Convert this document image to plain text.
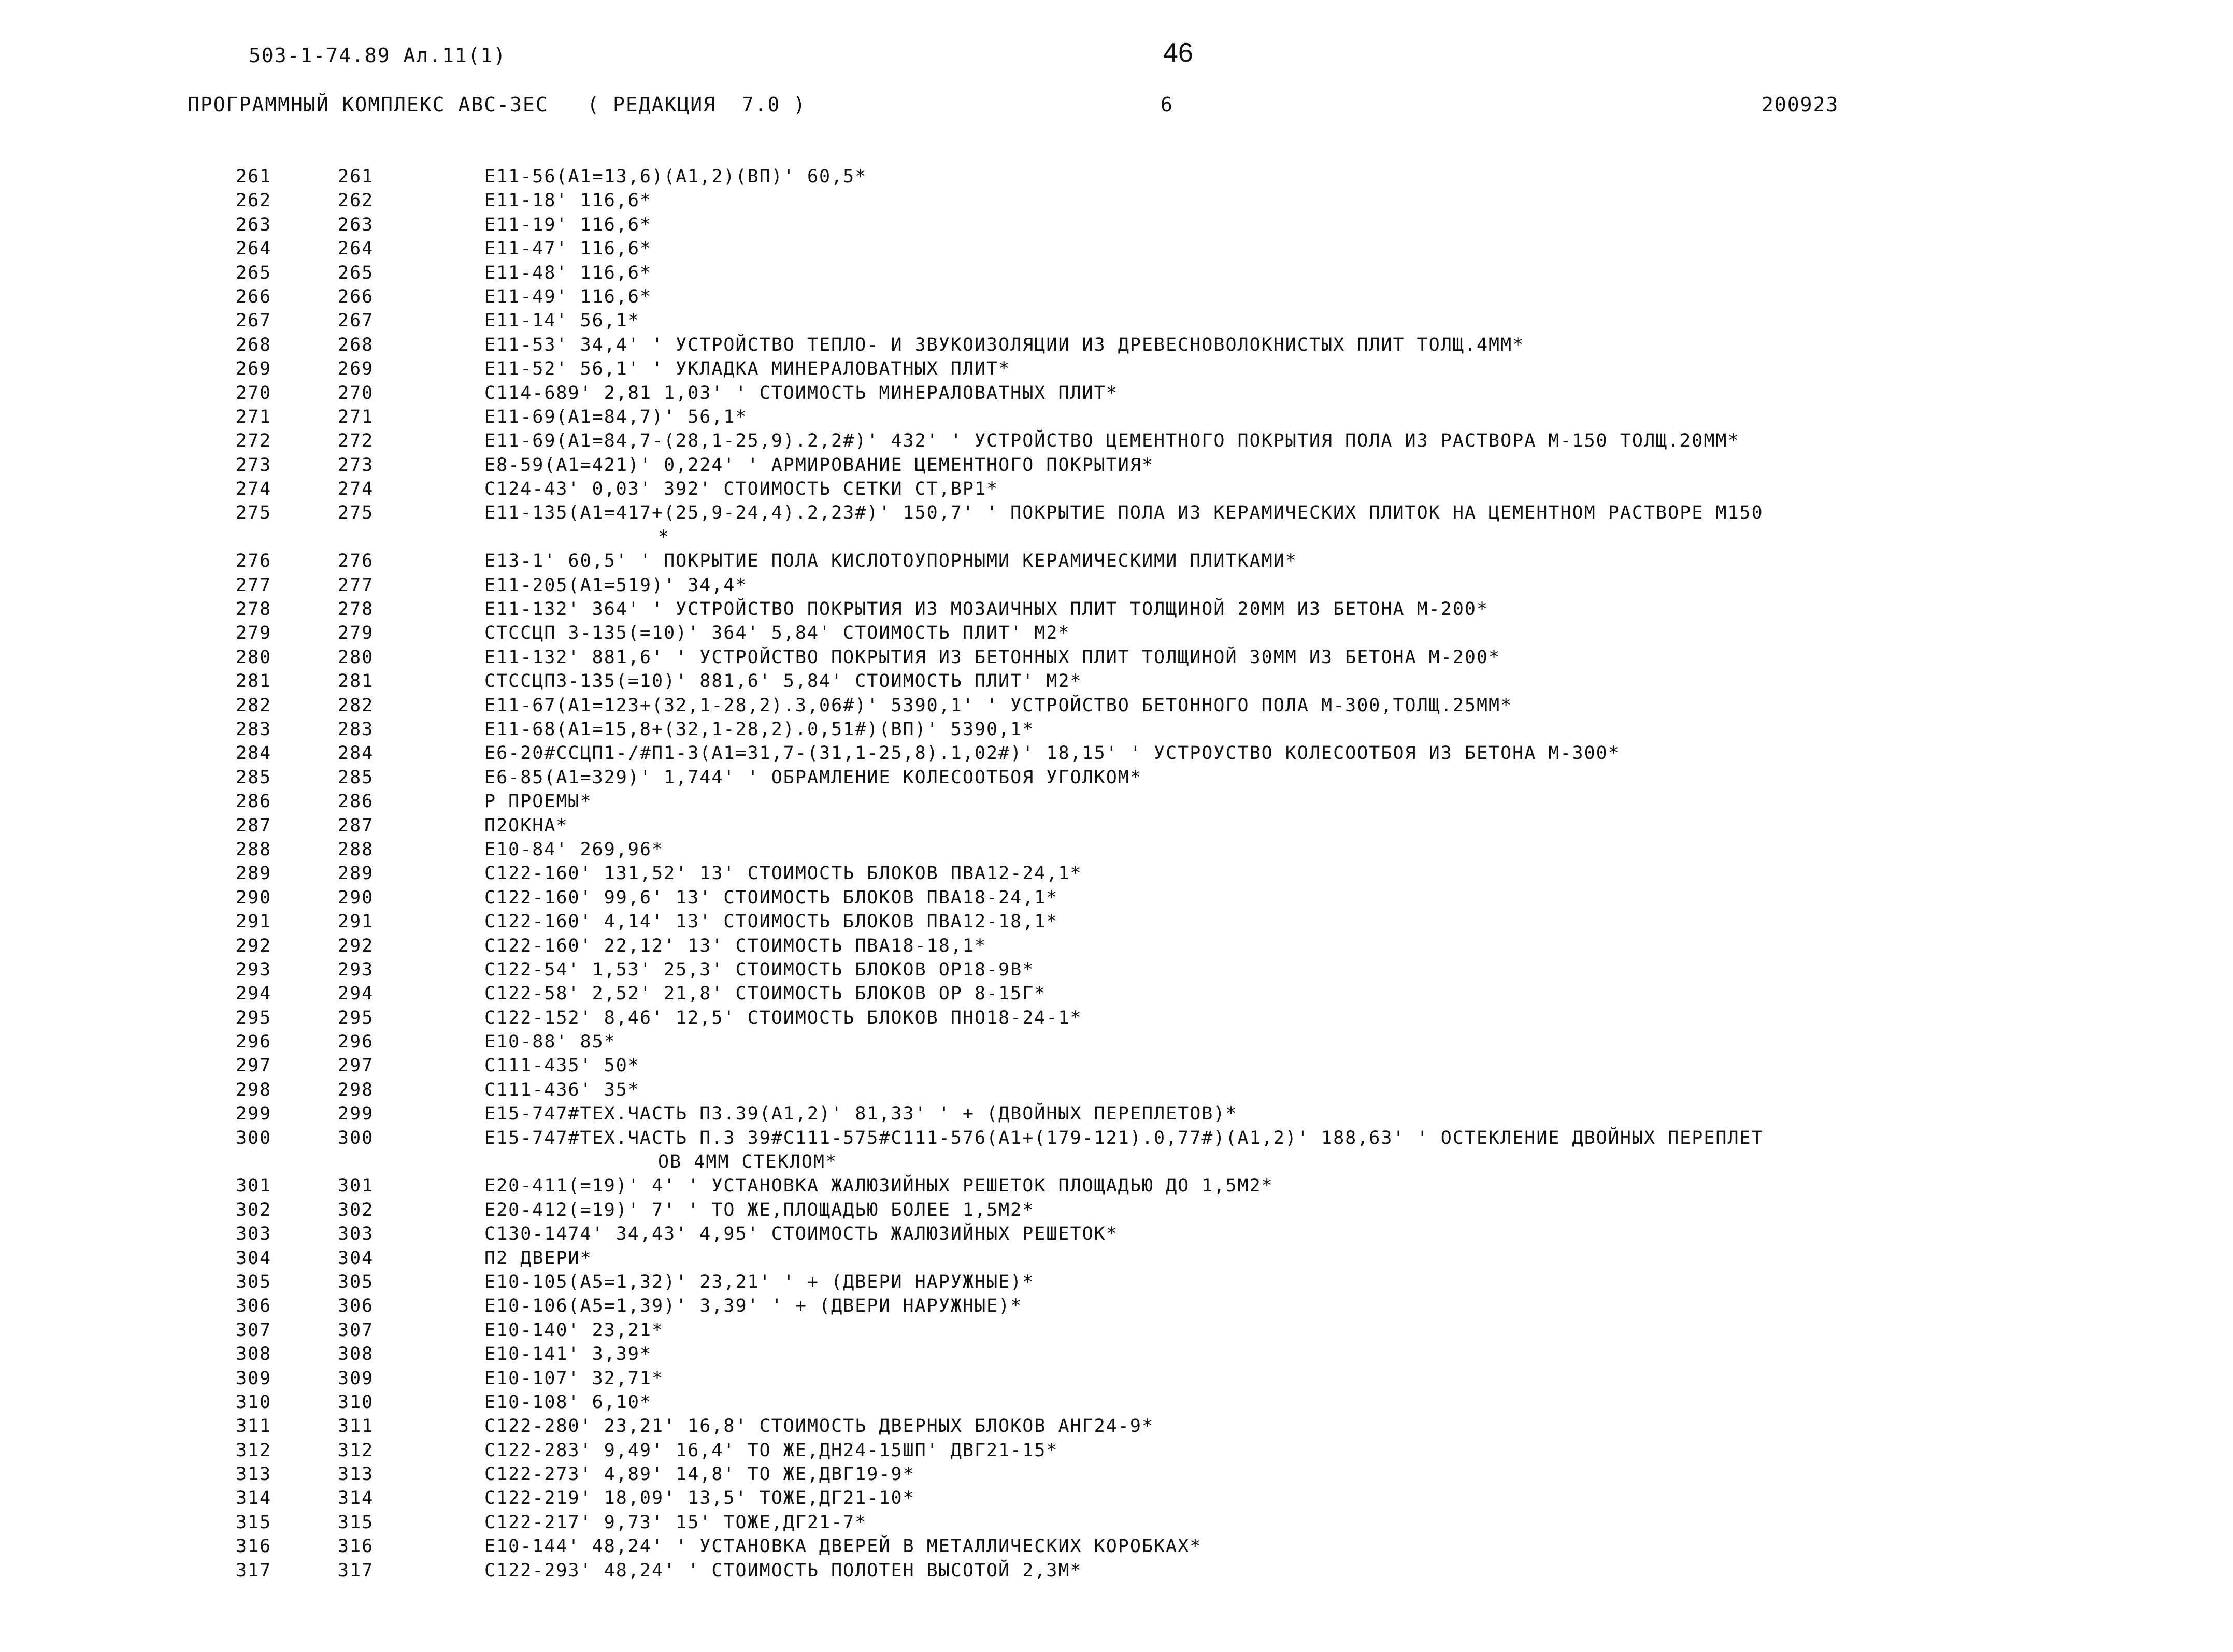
503-1-74.89 Ал.11(1)	46
ПРОГРАММНЫЙ КОМПЛЕКС АВС-3ЕС   ( РЕДАКЦИЯ  7.0 )	6	200923
261	261	Е11-56(А1=13,6)(А1,2)(ВП)' 60,5*
262	262	Е11-18' 116,6*
263	263	Е11-19' 116,6*
264	264	Е11-47' 116,6*
265	265	Е11-48' 116,6*
266	266	Е11-49' 116,6*
267	267	Е11-14' 56,1*
268	268	Е11-53' 34,4' ' УСТРОЙСТВО ТЕПЛО- И ЗВУКОИЗОЛЯЦИИ ИЗ ДРЕВЕСНОВОЛОКНИСТЫХ ПЛИТ ТОЛЩ.4ММ*
269	269	Е11-52' 56,1' ' УКЛАДКА МИНЕРАЛОВАТНЫХ ПЛИТ*
270	270	С114-689' 2,81 1,03' ' СТОИМОСТЬ МИНЕРАЛОВАТНЫХ ПЛИТ*
271	271	Е11-69(А1=84,7)' 56,1*
272	272	Е11-69(А1=84,7-(28,1-25,9).2,2#)' 432' ' УСТРОЙСТВО ЦЕМЕНТНОГО ПОКРЫТИЯ ПОЛА ИЗ РАСТВОРА М-150 ТОЛЩ.20ММ*
273	273	Е8-59(А1=421)' 0,224' ' АРМИРОВАНИЕ ЦЕМЕНТНОГО ПОКРЫТИЯ*
274	274	С124-43' 0,03' 392' СТОИМОСТЬ СЕТКИ СТ,ВР1*
275	275	Е11-135(А1=417+(25,9-24,4).2,23#)' 150,7' ' ПОКРЫТИЕ ПОЛА ИЗ КЕРАМИЧЕСКИХ ПЛИТОК НА ЦЕМЕНТНОМ РАСТВОРЕ М150
*
276	276	Е13-1' 60,5' ' ПОКРЫТИЕ ПОЛА КИСЛОТОУПОРНЫМИ КЕРАМИЧЕСКИМИ ПЛИТКАМИ*
277	277	Е11-205(А1=519)' 34,4*
278	278	Е11-132' 364' ' УСТРОЙСТВО ПОКРЫТИЯ ИЗ МОЗАИЧНЫХ ПЛИТ ТОЛЩИНОЙ 20ММ ИЗ БЕТОНА М-200*
279	279	СТССЦП 3-135(=10)' 364' 5,84' СТОИМОСТЬ ПЛИТ' М2*
280	280	Е11-132' 881,6' ' УСТРОЙСТВО ПОКРЫТИЯ ИЗ БЕТОННЫХ ПЛИТ ТОЛЩИНОЙ 30ММ ИЗ БЕТОНА М-200*
281	281	СТССЦП3-135(=10)' 881,6' 5,84' СТОИМОСТЬ ПЛИТ' М2*
282	282	Е11-67(А1=123+(32,1-28,2).3,06#)' 5390,1' ' УСТРОЙСТВО БЕТОННОГО ПОЛА М-300,ТОЛЩ.25ММ*
283	283	Е11-68(А1=15,8+(32,1-28,2).0,51#)(ВП)' 5390,1*
284	284	Е6-20#ССЦП1-/#П1-3(А1=31,7-(31,1-25,8).1,02#)' 18,15' ' УСТРОУСТВО КОЛЕСООТБОЯ ИЗ БЕТОНА М-300*
285	285	Е6-85(А1=329)' 1,744' ' ОБРАМЛЕНИЕ КОЛЕСООТБОЯ УГОЛКОМ*
286	286	Р ПРОЕМЫ*
287	287	П2ОКНА*
288	288	Е10-84' 269,96*
289	289	С122-160' 131,52' 13' СТОИМОСТЬ БЛОКОВ ПВА12-24,1*
290	290	С122-160' 99,6' 13' СТОИМОСТЬ БЛОКОВ ПВА18-24,1*
291	291	С122-160' 4,14' 13' СТОИМОСТЬ БЛОКОВ ПВА12-18,1*
292	292	С122-160' 22,12' 13' СТОИМОСТЬ ПВА18-18,1*
293	293	С122-54' 1,53' 25,3' СТОИМОСТЬ БЛОКОВ ОР18-9В*
294	294	С122-58' 2,52' 21,8' СТОИМОСТЬ БЛОКОВ ОР 8-15Г*
295	295	С122-152' 8,46' 12,5' СТОИМОСТЬ БЛОКОВ ПНО18-24-1*
296	296	Е10-88' 85*
297	297	С111-435' 50*
298	298	С111-436' 35*
299	299	Е15-747#ТЕХ.ЧАСТЬ П3.39(А1,2)' 81,33' ' + (ДВОЙНЫХ ПЕРЕПЛЕТОВ)*
300	300	Е15-747#ТЕХ.ЧАСТЬ П.3 39#С111-575#С111-576(А1+(179-121).0,77#)(А1,2)' 188,63' ' ОСТЕКЛЕНИЕ ДВОЙНЫХ ПЕРЕПЛЕТ
ОВ 4ММ СТЕКЛОМ*
301	301	Е20-411(=19)' 4' ' УСТАНОВКА ЖАЛЮЗИЙНЫХ РЕШЕТОК ПЛОЩАДЬЮ ДО 1,5М2*
302	302	Е20-412(=19)' 7' ' ТО ЖЕ,ПЛОЩАДЬЮ БОЛЕЕ 1,5М2*
303	303	С130-1474' 34,43' 4,95' СТОИМОСТЬ ЖАЛЮЗИЙНЫХ РЕШЕТОК*
304	304	П2 ДВЕРИ*
305	305	Е10-105(А5=1,32)' 23,21' ' + (ДВЕРИ НАРУЖНЫЕ)*
306	306	Е10-106(А5=1,39)' 3,39' ' + (ДВЕРИ НАРУЖНЫЕ)*
307	307	Е10-140' 23,21*
308	308	Е10-141' 3,39*
309	309	Е10-107' 32,71*
310	310	Е10-108' 6,10*
311	311	С122-280' 23,21' 16,8' СТОИМОСТЬ ДВЕРНЫХ БЛОКОВ АНГ24-9*
312	312	С122-283' 9,49' 16,4' ТО ЖЕ,ДН24-15ШП' ДВГ21-15*
313	313	С122-273' 4,89' 14,8' ТО ЖЕ,ДВГ19-9*
314	314	С122-219' 18,09' 13,5' ТОЖЕ,ДГ21-10*
315	315	С122-217' 9,73' 15' ТОЖЕ,ДГ21-7*
316	316	Е10-144' 48,24' ' УСТАНОВКА ДВЕРЕЙ В МЕТАЛЛИЧЕСКИХ КОРОБКАХ*
317	317	С122-293' 48,24' ' СТОИМОСТЬ ПОЛОТЕН ВЫСОТОЙ 2,3М*
